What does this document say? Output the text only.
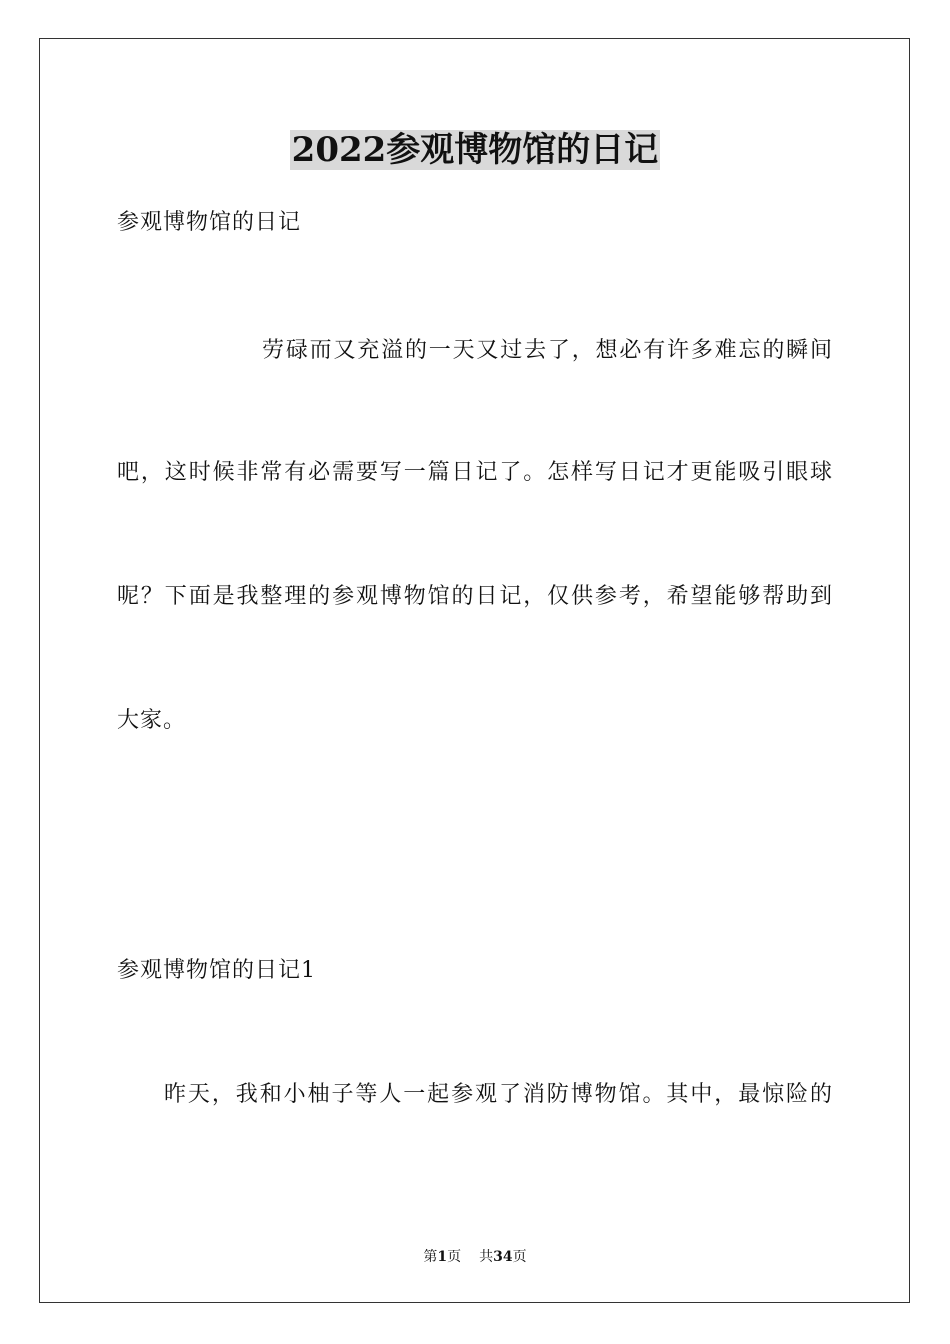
2022参观博物馆的日记

参观博物馆的日记

劳碌而又充溢的一天又过去了，想必有许多难忘的瞬间

吧，这时候非常有必需要写一篇日记了。怎样写日记才更能吸引眼球

呢？下面是我整理的参观博物馆的日记，仅供参考，希望能够帮助到

大家。

参观博物馆的日记1

昨天，我和小柚子等人一起参观了消防博物馆。其中，最惊险的

第1页 共34页
